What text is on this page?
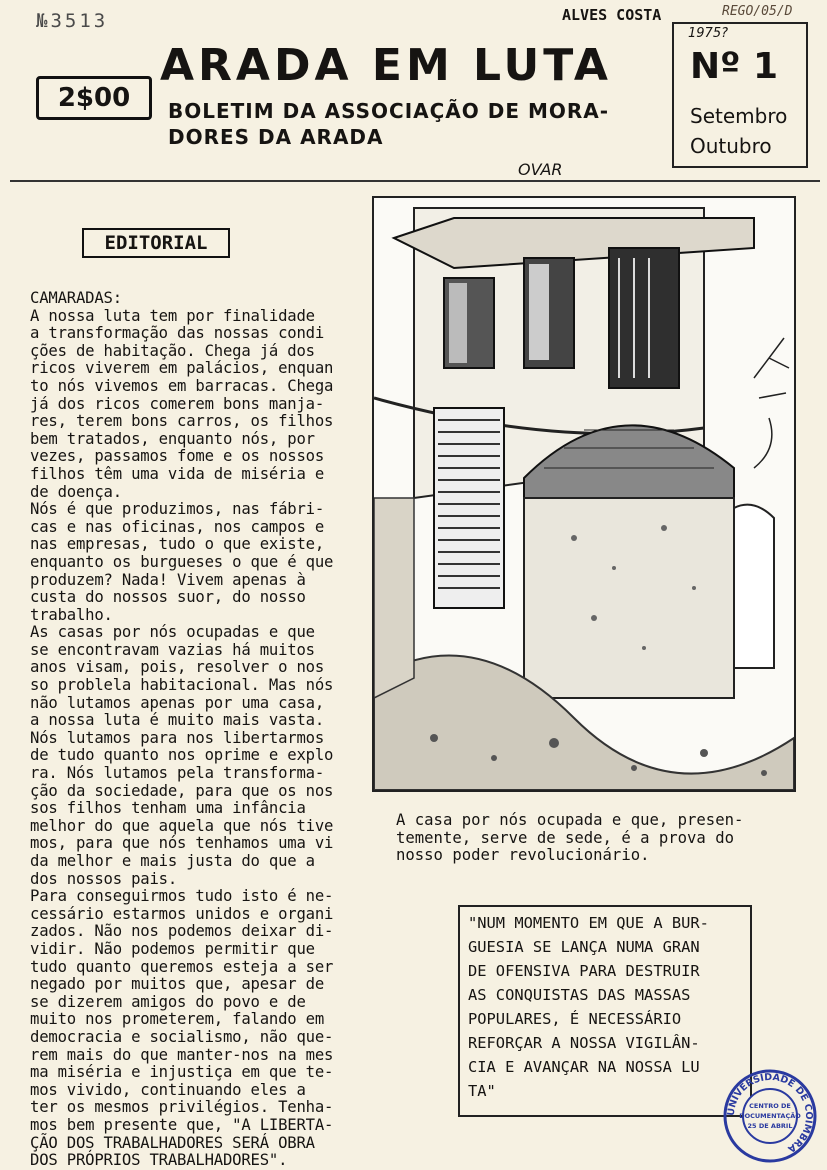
№3513	ALVES COSTA	REGO/05/D
2$00
ARADA EM LUTA
BOLETIM DA ASSOCIAÇÃO DE MORA-
DORES DA ARADA
1975?
Nº 1
Setembro
Outubro
OVAR
EDITORIAL
CAMARADAS:
A nossa luta tem por finalidade
a transformação das nossas condi
ções de habitação. Chega já dos
ricos viverem em palácios, enquan
to nós vivemos em barracas. Chega
já dos ricos comerem bons manja-
res, terem bons carros, os filhos
bem tratados, enquanto nós, por
vezes, passamos fome e os nossos
filhos têm uma vida de miséria e
de doença.
Nós é que produzimos, nas fábri-
cas e nas oficinas, nos campos e
nas empresas, tudo o que existe,
enquanto os burgueses o que é que
produzem? Nada! Vivem apenas à
custa do nossos suor, do nosso
trabalho.
As casas por nós ocupadas e que
se encontravam vazias há muitos
anos visam, pois, resolver o nos
so problela habitacional. Mas nós
não lutamos apenas por uma casa,
a nossa luta é muito mais vasta.
Nós lutamos para nos libertarmos
de tudo quanto nos oprime e explo
ra. Nós lutamos pela transforma-
ção da sociedade, para que os nos
sos filhos tenham uma infância
melhor do que aquela que nós tive
mos, para que nós tenhamos uma vi
da melhor e mais justa do que a
dos nossos pais.
Para conseguirmos tudo isto é ne-
cessário estarmos unidos e organi
zados. Não nos podemos deixar di-
vidir. Não podemos permitir que
tudo quanto queremos esteja a ser
negado por muitos que, apesar de
se dizerem amigos do povo e de
muito nos prometerem, falando em
democracia e socialismo, não que-
rem mais do que manter-nos na mes
ma miséria e injustiça em que te-
mos vivido, continuando eles a
ter os mesmos privilégios. Tenha-
mos bem presente que, "A LIBERTA-
ÇÃO DOS TRABALHADORES SERÁ OBRA
DOS PRÓPRIOS TRABALHADORES".
A casa por nós ocupada e que, presen-
temente, serve de sede, é a prova do
nosso poder revolucionário.
"NUM MOMENTO EM QUE A BUR-
GUESIA SE LANÇA NUMA GRAN
DE OFENSIVA PARA DESTRUIR
AS CONQUISTAS DAS MASSAS
POPULARES, É NECESSÁRIO
REFORÇAR A NOSSA VIGILÂN-
CIA E AVANÇAR NA NOSSA LU
TA"
UNIVERSIDADE DE COIMBRA
CENTRO DE
DOCUMENTAÇÃO
25 DE ABRIL
